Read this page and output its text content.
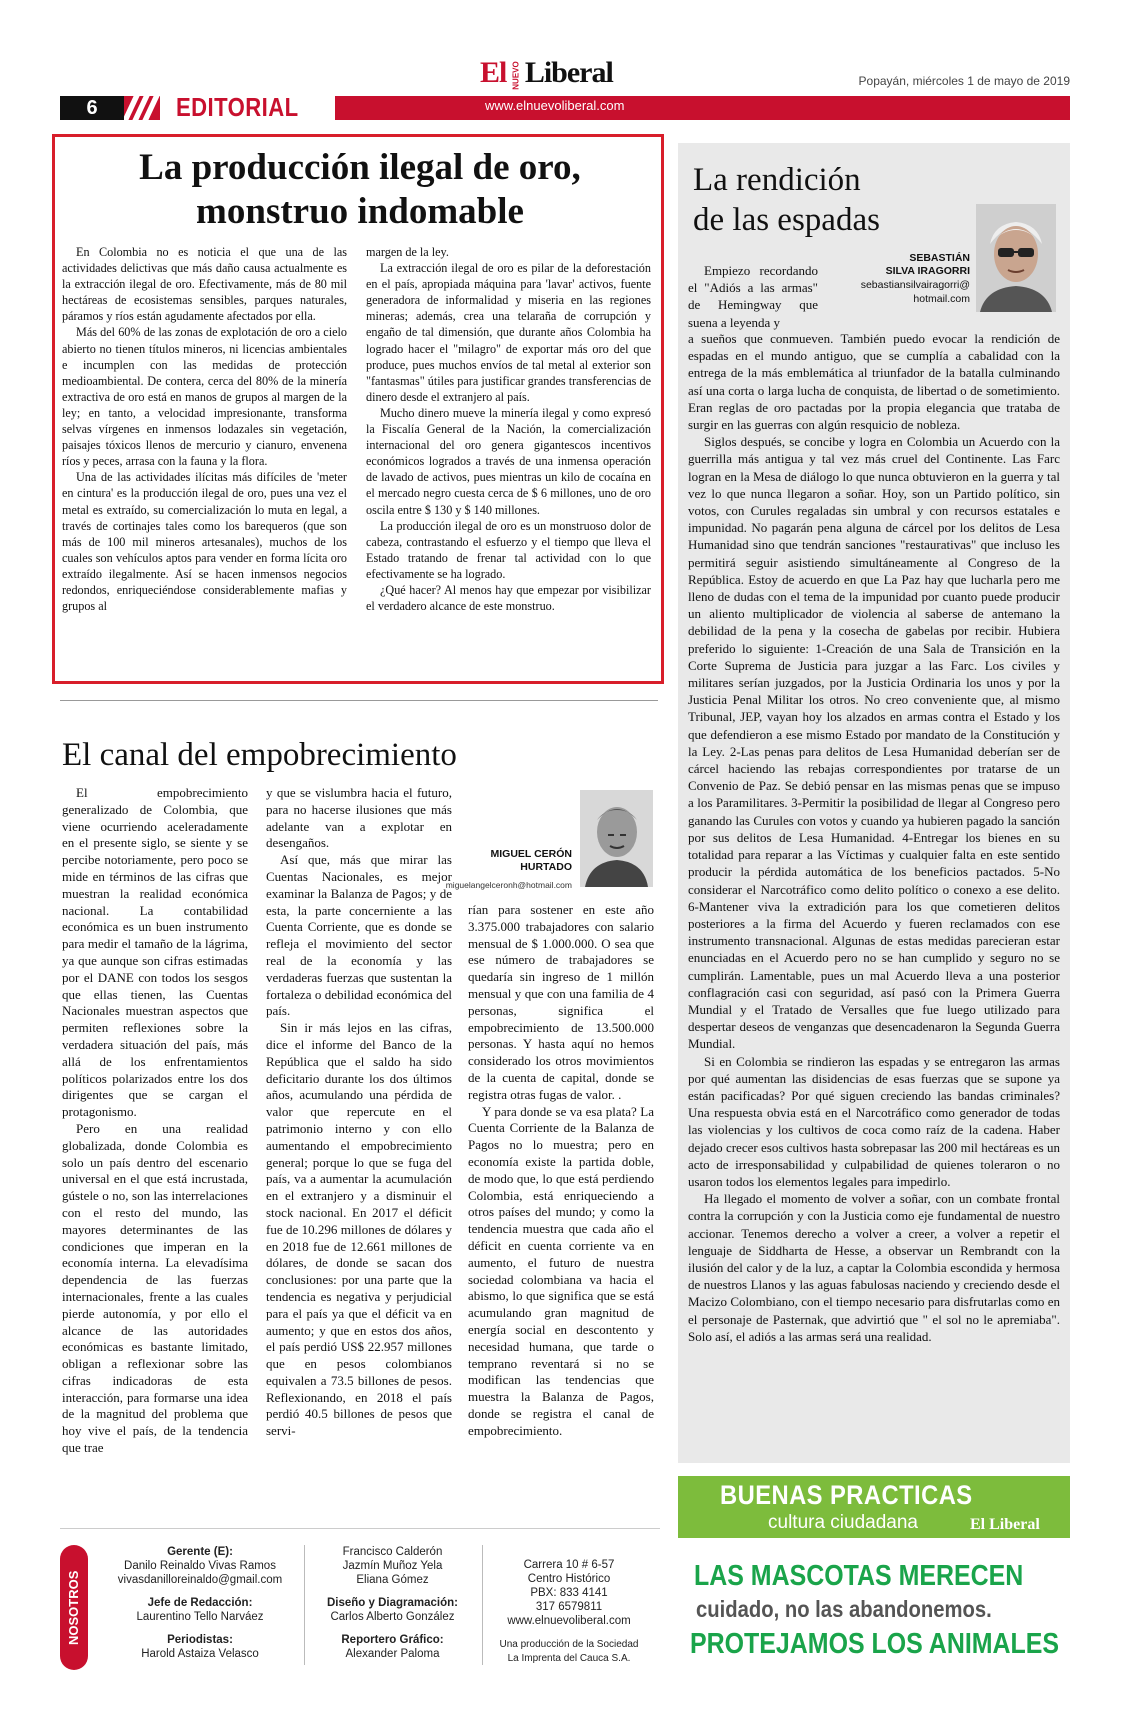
El NUEVO Liberal	Popayán, miércoles 1 de mayo de 2019
6	EDITORIAL	www.elnuevoliberal.com
La producción ilegal de oro,
monstruo indomable

En Colombia no es noticia el que una de las actividades delictivas que más daño causa actualmente es la extracción ilegal de oro. Efectivamente, más de 80 mil hectáreas de ecosistemas sensibles, parques naturales, páramos y ríos están agudamente afectados por ella.

Más del 60% de las zonas de explotación de oro a cielo abierto no tienen títulos mineros, ni licencias ambientales e incumplen con las medidas de protección medioambiental. De contera, cerca del 80% de la minería extractiva de oro está en manos de grupos al margen de la ley; en tanto, a velocidad impresionante, transforma selvas vírgenes en inmensos lodazales sin vegetación, paisajes tóxicos llenos de mercurio y cianuro, envenena ríos y peces, arrasa con la fauna y la flora.

Una de las actividades ilícitas más difíciles de 'meter en cintura' es la producción ilegal de oro, pues una vez el metal es extraído, su comercialización lo muta en legal, a través de cortinajes tales como los barequeros (que son más de 100 mil mineros artesanales), muchos de los cuales son vehículos aptos para vender en forma lícita oro extraído ilegalmente. Así se hacen inmensos negocios redondos, enriqueciéndose considerablemente mafias y grupos al

margen de la ley.

La extracción ilegal de oro es pilar de la deforestación en el país, apropiada máquina para 'lavar' activos, fuente generadora de informalidad y miseria en las regiones mineras; además, crea una telaraña de corrupción y engaño de tal dimensión, que durante años Colombia ha logrado hacer el "milagro" de exportar más oro del que produce, pues muchos envíos de tal metal al exterior son "fantasmas" útiles para justificar grandes transferencias de dinero desde el extranjero al país.

Mucho dinero mueve la minería ilegal y como expresó la Fiscalía General de la Nación, la comercialización internacional del oro genera gigantescos incentivos económicos logrados a través de una inmensa operación de lavado de activos, pues mientras un kilo de cocaína en el mercado negro cuesta cerca de $ 6 millones, uno de oro oscila entre $ 130 y $ 140 millones.

La producción ilegal de oro es un monstruoso dolor de cabeza, contrastando el esfuerzo y el tiempo que lleva el Estado tratando de frenar tal actividad con lo que efectivamente se ha logrado.

¿Qué hacer? Al menos hay que empezar por visibilizar el verdadero alcance de este monstruo.

El canal del empobrecimiento
MIGUEL CERÓN
HURTADO
miguelangelceronh@hotmail.com

El empobrecimiento generalizado de Colombia, que viene ocurriendo aceleradamente en el presente siglo, se siente y se percibe notoriamente, pero poco se mide en términos de las cifras que muestran la realidad económica nacional. La contabilidad económica es un buen instrumento para medir el tamaño de la lágrima, ya que aunque son cifras estimadas por el DANE con todos los sesgos que ellas tienen, las Cuentas Nacionales muestran aspectos que permiten reflexiones sobre la verdadera situación del país, más allá de los enfrentamientos políticos polarizados entre los dos dirigentes que se cargan el protagonismo.

Pero en una realidad globalizada, donde Colombia es solo un país dentro del escenario universal en el que está incrustada, gústele o no, son las interrelaciones con el resto del mundo, las mayores determinantes de las condiciones que imperan en la economía interna. La elevadísima dependencia de las fuerzas internacionales, frente a las cuales pierde autonomía, y por ello el alcance de las autoridades económicas es bastante limitado, obligan a reflexionar sobre las cifras indicadoras de esta interacción, para formarse una idea de la magnitud del problema que hoy vive el país, de la tendencia que trae

y que se vislumbra hacia el futuro, para no hacerse ilusiones que más adelante van a explotar en desengaños.

Así que, más que mirar las Cuentas Nacionales, es mejor examinar la Balanza de Pagos; y de esta, la parte concerniente a las Cuenta Corriente, que es donde se refleja el movimiento del sector real de la economía y las verdaderas fuerzas que sustentan la fortaleza o debilidad económica del país.

Sin ir más lejos en las cifras, dice el informe del Banco de la República que el saldo ha sido deficitario durante los dos últimos años, acumulando una pérdida de valor que repercute en el patrimonio interno y con ello aumentando el empobrecimiento general; porque lo que se fuga del país, va a aumentar la acumulación en el extranjero y a disminuir el stock nacional. En 2017 el déficit fue de 10.296 millones de dólares y en 2018 fue de 12.661 millones de dólares, de donde se sacan dos conclusiones: por una parte que la tendencia es negativa y perjudicial para el país ya que el déficit va en aumento; y que en estos dos años, el país perdió US$ 22.957 millones que en pesos colombianos equivalen a 73.5 billones de pesos. Reflexionando, en 2018 el país perdió 40.5 billones de pesos que servi-

rían para sostener en este año 3.375.000 trabajadores con salario mensual de $ 1.000.000. O sea que ese número de trabajadores se quedaría sin ingreso de 1 millón mensual y que con una familia de 4 personas, significa el empobrecimiento de 13.500.000 personas. Y hasta aquí no hemos considerado los otros movimientos de la cuenta de capital, donde se registra otras fugas de valor. .

Y para donde se va esa plata? La Cuenta Corriente de la Balanza de Pagos no lo muestra; pero en economía existe la partida doble, de modo que, lo que está perdiendo Colombia, está enriqueciendo a otros países del mundo; y como la tendencia muestra que cada año el déficit en cuenta corriente va en aumento, el futuro de nuestra sociedad colombiana va hacia el abismo, lo que significa que se está acumulando gran magnitud de energía social en descontento y necesidad humana, que tarde o temprano reventará si no se modifican las tendencias que muestra la Balanza de Pagos, donde se registra el canal de empobrecimiento.

La rendición
de las espadas
SEBASTIÁN
SILVA IRAGORRI
sebastiansilvairagorri@
hotmail.com

Empiezo recordando el "Adiós a las armas" de Hemingway que suena a leyenda y

a sueños que conmueven. También puedo evocar la rendición de espadas en el mundo antiguo, que se cumplía a cabalidad con la entrega de la más emblemática al triunfador de la batalla culminando así una corta o larga lucha de conquista, de libertad o de sometimiento. Eran reglas de oro pactadas por la propia elegancia que trataba de surgir en las guerras con algún resquicio de nobleza.

Siglos después, se concibe y logra en Colombia un Acuerdo con la guerrilla más antigua y tal vez más cruel del Continente. Las Farc logran en la Mesa de diálogo lo que nunca obtuvieron en la guerra y tal vez lo que nunca llegaron a soñar. Hoy, son un Partido político, sin votos, con Curules regaladas sin umbral y con recursos estatales e impunidad. No pagarán pena alguna de cárcel por los delitos de Lesa Humanidad sino que tendrán sanciones "restaurativas" que incluso les permitirá seguir asistiendo simultáneamente al Congreso de la República. Estoy de acuerdo en que La Paz hay que lucharla pero me lleno de dudas con el tema de la impunidad por cuanto puede producir un aliento multiplicador de violencia al saberse de antemano la debilidad de la pena y la cosecha de gabelas por recibir. Hubiera preferido lo siguiente: 1-Creación de una Sala de Transición en la Corte Suprema de Justicia para juzgar a las Farc. Los civiles y militares serían juzgados, por la Justicia Ordinaria los unos y por la Justicia Penal Militar los otros. No creo conveniente que, al mismo Tribunal, JEP, vayan hoy los alzados en armas contra el Estado y los que defendieron a ese mismo Estado por mandato de la Constitución y la Ley. 2-Las penas para delitos de Lesa Humanidad deberían ser de cárcel haciendo las rebajas correspondientes por tratarse de un Convenio de Paz. Se debió pensar en las mismas penas que se impuso a los Paramilitares. 3-Permitir la posibilidad de llegar al Congreso pero ganando las Curules con votos y cuando ya hubieren pagado la sanción por sus delitos de Lesa Humanidad. 4-Entregar los bienes en su totalidad para reparar a las Víctimas y cualquier falta en este sentido producir la pérdida automática de los beneficios pactados. 5-No considerar el Narcotráfico como delito político o conexo a ese delito. 6-Mantener viva la extradición para los que cometieren delitos posteriores a la firma del Acuerdo y fueren reclamados con ese instrumento transnacional. Algunas de estas medidas parecieran estar enunciadas en el Acuerdo pero no se han cumplido y seguro no se cumplirán. Lamentable, pues un mal Acuerdo lleva a una posterior conflagración casi con seguridad, así pasó con la Primera Guerra Mundial y el Tratado de Versalles que fue luego utilizado para despertar deseos de venganzas que desencadenaron la Segunda Guerra Mundial.

Si en Colombia se rindieron las espadas y se entregaron las armas por qué aumentan las disidencias de esas fuerzas que se supone ya están pacificadas? Por qué siguen creciendo las bandas criminales? Una respuesta obvia está en el Narcotráfico como generador de todas las violencias y los cultivos de coca como raíz de la cadena. Haber dejado crecer esos cultivos hasta sobrepasar las 200 mil hectáreas es un acto de irresponsabilidad y culpabilidad de quienes toleraron o no usaron todos los elementos legales para impedirlo.

Ha llegado el momento de volver a soñar, con un combate frontal contra la corrupción y con la Justicia como eje fundamental de nuestro accionar. Tenemos derecho a volver a creer, a volver a repetir el lenguaje de Siddharta de Hesse, a observar un Rembrandt con la ilusión del calor y de la luz, a captar la Colombia escondida y hermosa de nuestros Llanos y las aguas fabulosas naciendo y creciendo desde el Macizo Colombiano, con el tiempo necesario para disfrutarlas como en el personaje de Pasternak, que advirtió que " el sol no le apremiaba". Solo así, el adiós a las armas será una realidad.

NOSOTROS
Gerente (E):
Danilo Reinaldo Vivas Ramos
vivasdanilloreinaldo@gmail.com
Jefe de Redacción:
Laurentino Tello Narváez
Periodistas:
Harold Astaiza Velasco
Francisco Calderón
Jazmín Muñoz Yela
Eliana Gómez
Diseño y Diagramación:
Carlos Alberto González
Reportero Gráfico:
Alexander Paloma
Carrera 10 # 6-57
Centro Histórico
PBX: 833 4141
317 6579811
www.elnuevoliberal.com
Una producción de la Sociedad
La Imprenta del Cauca S.A.
BUENAS PRACTICAS
cultura ciudadana	El Liberal
LAS MASCOTAS MERECEN
cuidado, no las abandonemos.
PROTEJAMOS LOS ANIMALES
